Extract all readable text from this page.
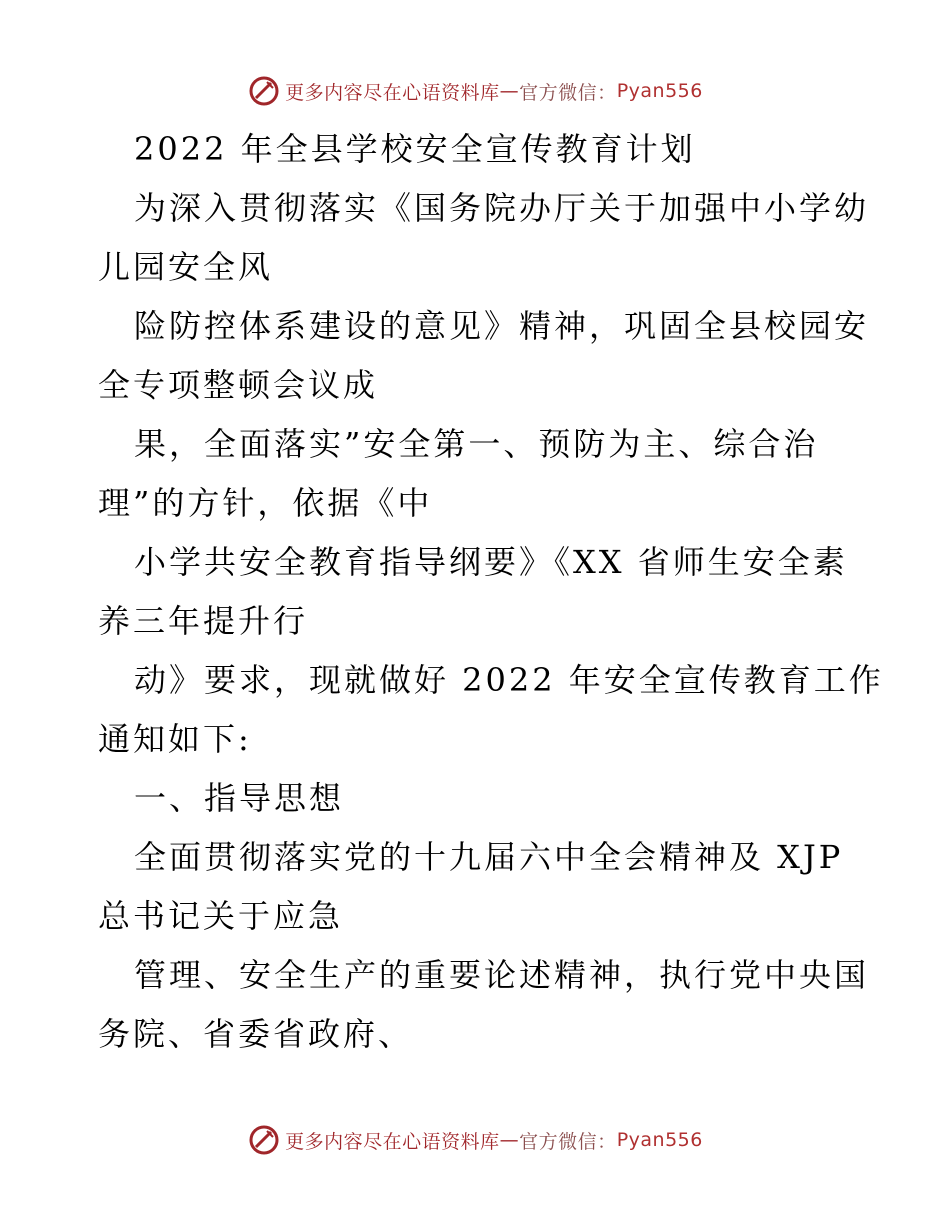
更多内容尽在心语资料库 — 官方微信： Pyan556
2022 年全县学校安全宣传教育计划
为深入贯彻落实《国务院办厅关于加强中小学幼
儿园安全风
险防控体系建设的意见》精神，巩固全县校园安
全专项整顿会议成
果，全面落实”安全第一、预防为主、综合治
理”的方针，依据《中
小学共安全教育指导纲要》《XX 省师生安全素
养三年提升行
动》要求，现就做好 2022 年安全宣传教育工作
通知如下:
一、指导思想
全面贯彻落实党的十九届六中全会精神及 XJP
总书记关于应急
管理、安全生产的重要论述精神，执行党中央国
务院、省委省政府、
更多内容尽在心语资料库 — 官方微信： Pyan556
